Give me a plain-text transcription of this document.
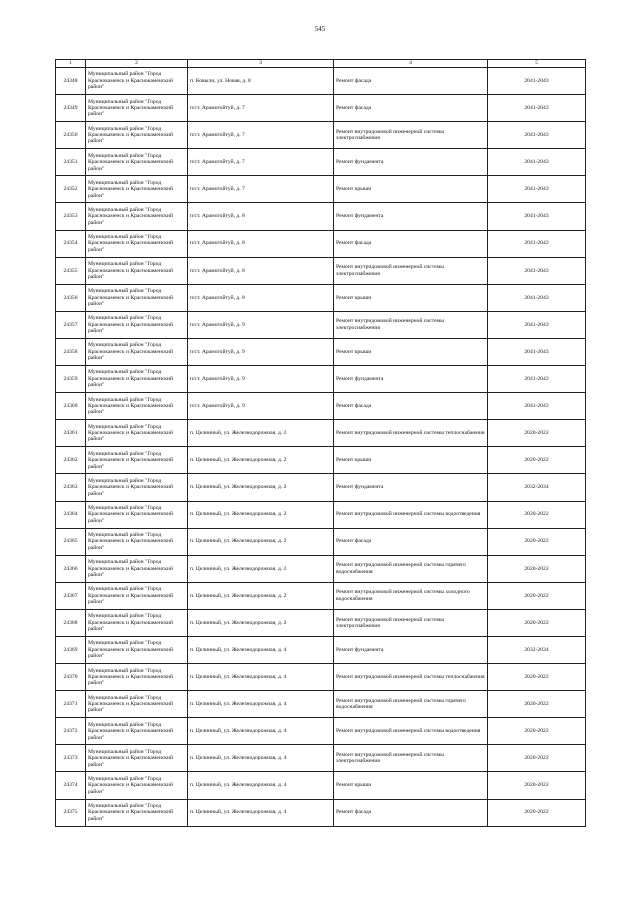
545
1	2	3	4	5
24348	Муниципальный район "Город Краснокаменск и Краснокаменский район"	п. Ковыли, ул. Новая, д. 8	Ремонт фасада	2041-2043
24349	Муниципальный район "Город Краснокаменск и Краснокаменский район"	п/ст. Арамогойтуй, д. 7	Ремонт фасада	2041-2043
24350	Муниципальный район "Город Краснокаменск и Краснокаменский район"	п/ст. Арамогойтуй, д. 7	Ремонт внутридомовой инженерной системы электроснабжения	2041-2043
24351	Муниципальный район "Город Краснокаменск и Краснокаменский район"	п/ст. Арамогойтуй, д. 7	Ремонт фундамента	2041-2043
24352	Муниципальный район "Город Краснокаменск и Краснокаменский район"	п/ст. Арамогойтуй, д. 7	Ремонт крыши	2041-2043
24353	Муниципальный район "Город Краснокаменск и Краснокаменский район"	п/ст. Арамогойтуй, д. 8	Ремонт фундамента	2041-2043
24354	Муниципальный район "Город Краснокаменск и Краснокаменский район"	п/ст. Арамогойтуй, д. 8	Ремонт фасада	2041-2043
24355	Муниципальный район "Город Краснокаменск и Краснокаменский район"	п/ст. Арамогойтуй, д. 8	Ремонт внутридомовой инженерной системы электроснабжения	2041-2043
24356	Муниципальный район "Город Краснокаменск и Краснокаменский район"	п/ст. Арамогойтуй, д. 8	Ремонт крыши	2041-2043
24357	Муниципальный район "Город Краснокаменск и Краснокаменский район"	п/ст. Арамогойтуй, д. 9	Ремонт внутридомовой инженерной системы электроснабжения	2041-2043
24358	Муниципальный район "Город Краснокаменск и Краснокаменский район"	п/ст. Арамогойтуй, д. 9	Ремонт крыши	2041-2043
24359	Муниципальный район "Город Краснокаменск и Краснокаменский район"	п/ст. Арамогойтуй, д. 9	Ремонт фундамента	2041-2043
24360	Муниципальный район "Город Краснокаменск и Краснокаменский район"	п/ст. Арамогойтуй, д. 9	Ремонт фасада	2041-2043
24361	Муниципальный район "Город Краснокаменск и Краснокаменский район"	п. Целинный, ул. Железнодорожная, д. 2	Ремонт внутридомовой инженерной системы теплоснабжения	2020-2022
24362	Муниципальный район "Город Краснокаменск и Краснокаменский район"	п. Целинный, ул. Железнодорожная, д. 2	Ремонт крыши	2020-2022
24363	Муниципальный район "Город Краснокаменск и Краснокаменский район"	п. Целинный, ул. Железнодорожная, д. 2	Ремонт фундамента	2032-2034
24364	Муниципальный район "Город Краснокаменск и Краснокаменский район"	п. Целинный, ул. Железнодорожная, д. 2	Ремонт внутридомовой инженерной системы водоотведения	2020-2022
24365	Муниципальный район "Город Краснокаменск и Краснокаменский район"	п. Целинный, ул. Железнодорожная, д. 2	Ремонт фасада	2020-2022
24366	Муниципальный район "Город Краснокаменск и Краснокаменский район"	п. Целинный, ул. Железнодорожная, д. 2	Ремонт внутридомовой инженерной системы горячего водоснабжения	2020-2022
24367	Муниципальный район "Город Краснокаменск и Краснокаменский район"	п. Целинный, ул. Железнодорожная, д. 2	Ремонт внутридомовой инженерной системы холодного водоснабжения	2020-2022
24368	Муниципальный район "Город Краснокаменск и Краснокаменский район"	п. Целинный, ул. Железнодорожная, д. 2	Ремонт внутридомовой инженерной системы электроснабжения	2020-2022
24369	Муниципальный район "Город Краснокаменск и Краснокаменский район"	п. Целинный, ул. Железнодорожная, д. 4	Ремонт фундамента	2032-2034
24370	Муниципальный район "Город Краснокаменск и Краснокаменский район"	п. Целинный, ул. Железнодорожная, д. 4	Ремонт внутридомовой инженерной системы теплоснабжения	2020-2022
24371	Муниципальный район "Город Краснокаменск и Краснокаменский район"	п. Целинный, ул. Железнодорожная, д. 4	Ремонт внутридомовой инженерной системы горячего водоснабжения	2020-2022
24372	Муниципальный район "Город Краснокаменск и Краснокаменский район"	п. Целинный, ул. Железнодорожная, д. 4	Ремонт внутридомовой инженерной системы водоотведения	2020-2022
24373	Муниципальный район "Город Краснокаменск и Краснокаменский район"	п. Целинный, ул. Железнодорожная, д. 4	Ремонт внутридомовой инженерной системы электроснабжения	2020-2022
24374	Муниципальный район "Город Краснокаменск и Краснокаменский район"	п. Целинный, ул. Железнодорожная, д. 4	Ремонт крыши	2020-2022
24375	Муниципальный район "Город Краснокаменск и Краснокаменский район"	п. Целинный, ул. Железнодорожная, д. 4	Ремонт фасада	2020-2022
